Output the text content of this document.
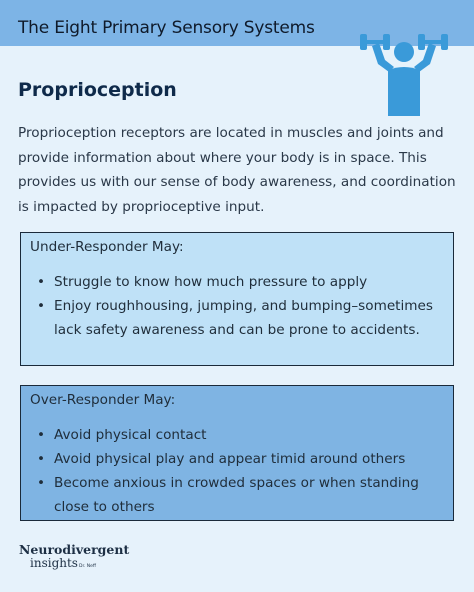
The Eight Primary Sensory Systems
Proprioception
Proprioception receptors are located in muscles and joints and provide information about where your body is in space. This provides us with our sense of body awareness, and coordination is impacted by proprioceptive input.
Under-Responder May:
• Struggle to know how much pressure to apply
• Enjoy roughhousing, jumping, and bumping–sometimes lack safety awareness and can be prone to accidents.
Over-Responder May:
• Avoid physical contact
• Avoid physical play and appear timid around others
• Become anxious in crowded spaces or when standing close to others
Neurodivergent
insights Dr. Neff
